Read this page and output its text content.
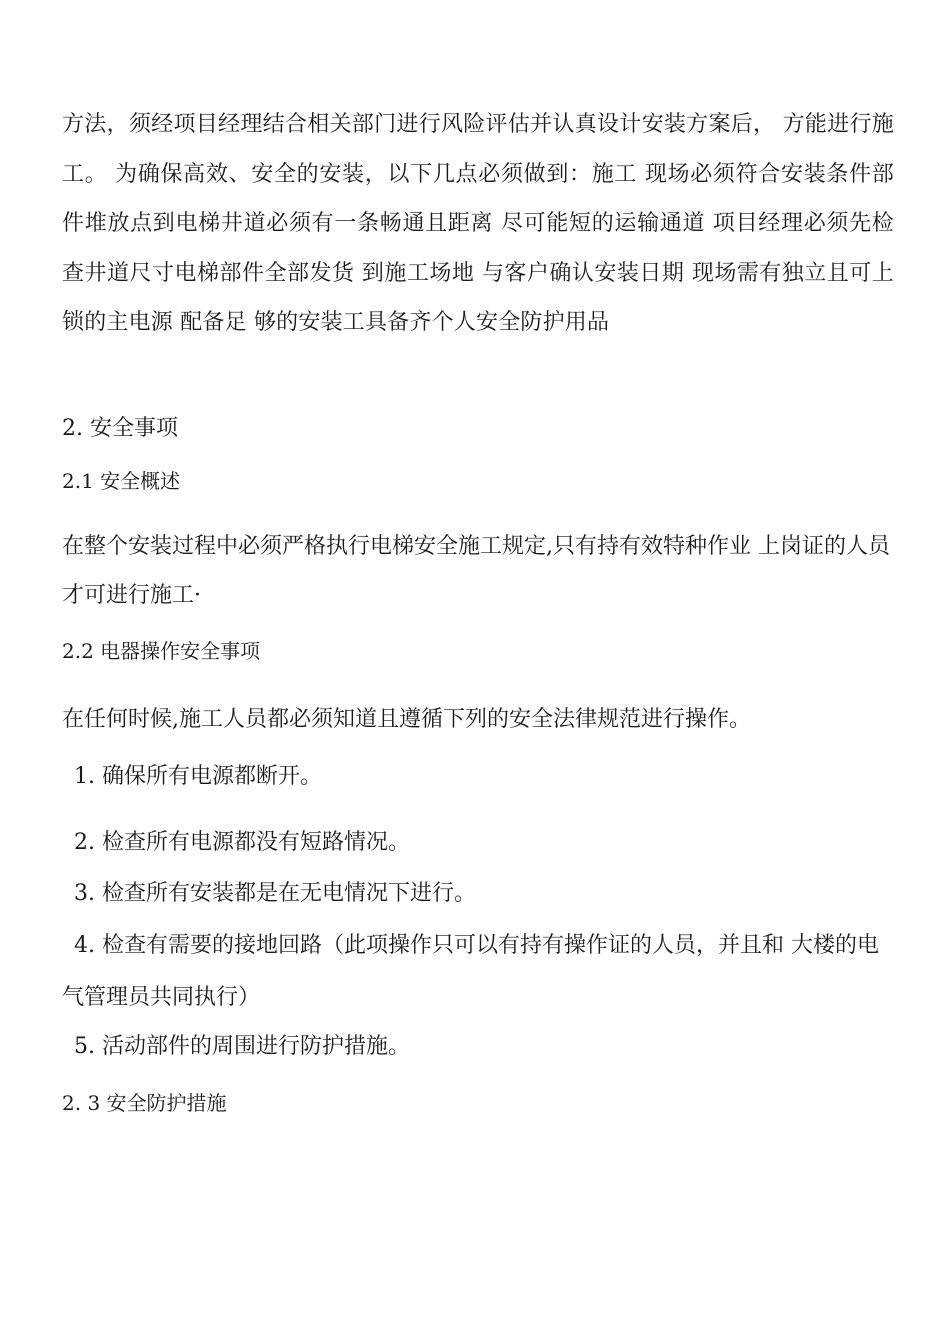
方法，须经项目经理结合相关部门进行风险评估并认真设计安装方案后， 方能进行施工。 为确保高效、安全的安装，以下几点必须做到：施工 现场必须符合安装条件部件堆放点到电梯井道必须有一条畅通且距离 尽可能短的运输通道 项目经理必须先检查井道尺寸电梯部件全部发货 到施工场地 与客户确认安装日期 现场需有独立且可上锁的主电源 配备足 够的安装工具备齐个人安全防护用品

2. 安全事项

2.1 安全概述

在整个安装过程中必须严格执行电梯安全施工规定,只有持有效特种作业 上岗证的人员才可进行施工·

2.2 电器操作安全事项

在任何时候,施工人员都必须知道且遵循下列的安全法律规范进行操作。

1. 确保所有电源都断开。

2. 检查所有电源都没有短路情况。

3. 检查所有安装都是在无电情况下进行。

4. 检查有需要的接地回路（此项操作只可以有持有操作证的人员，并且和 大楼的电气管理员共同执行）

5. 活动部件的周围进行防护措施。

2. 3 安全防护措施
